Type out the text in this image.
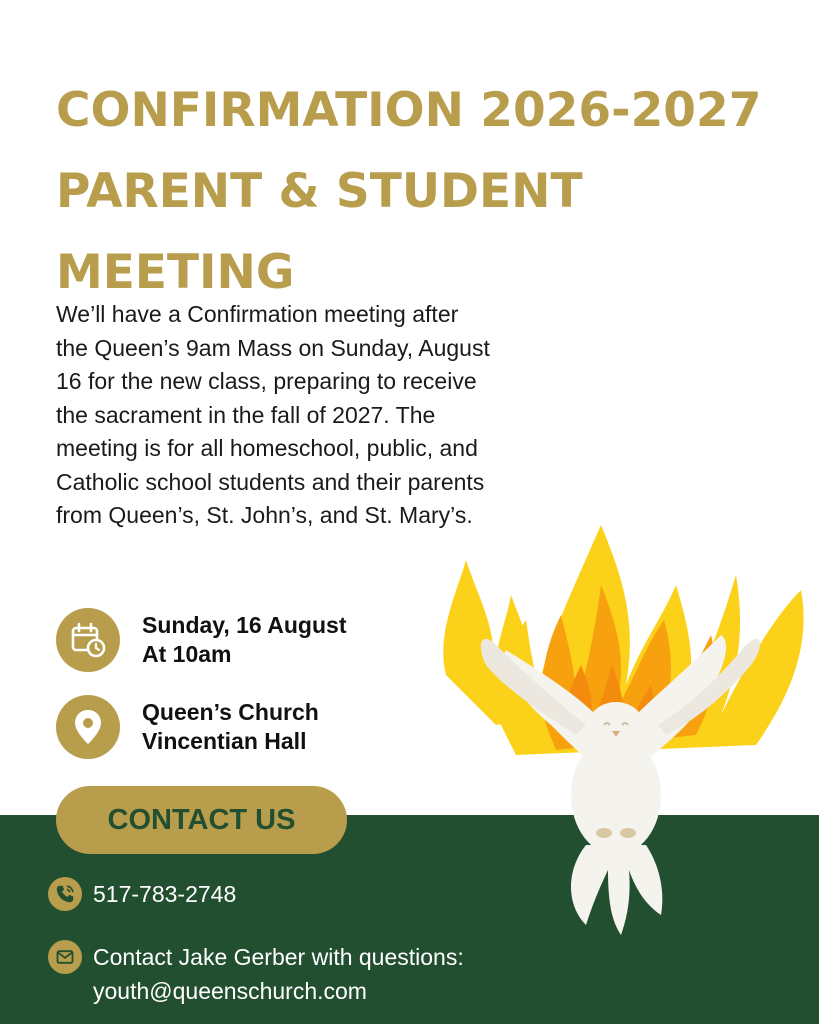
CONFIRMATION 2026-2027
PARENT & STUDENT
MEETING

We’ll have a Confirmation meeting after the Queen’s 9am Mass on Sunday, August 16 for the new class, preparing to receive the sacrament in the fall of 2027. The meeting is for all homeschool, public, and Catholic school students and their parents from Queen’s, St. John’s, and St. Mary’s.

Sunday, 16 August
At 10am
Queen’s Church
Vincentian Hall
CONTACT US
517-783-2748
Contact Jake Gerber with questions:
youth@queenschurch.com
